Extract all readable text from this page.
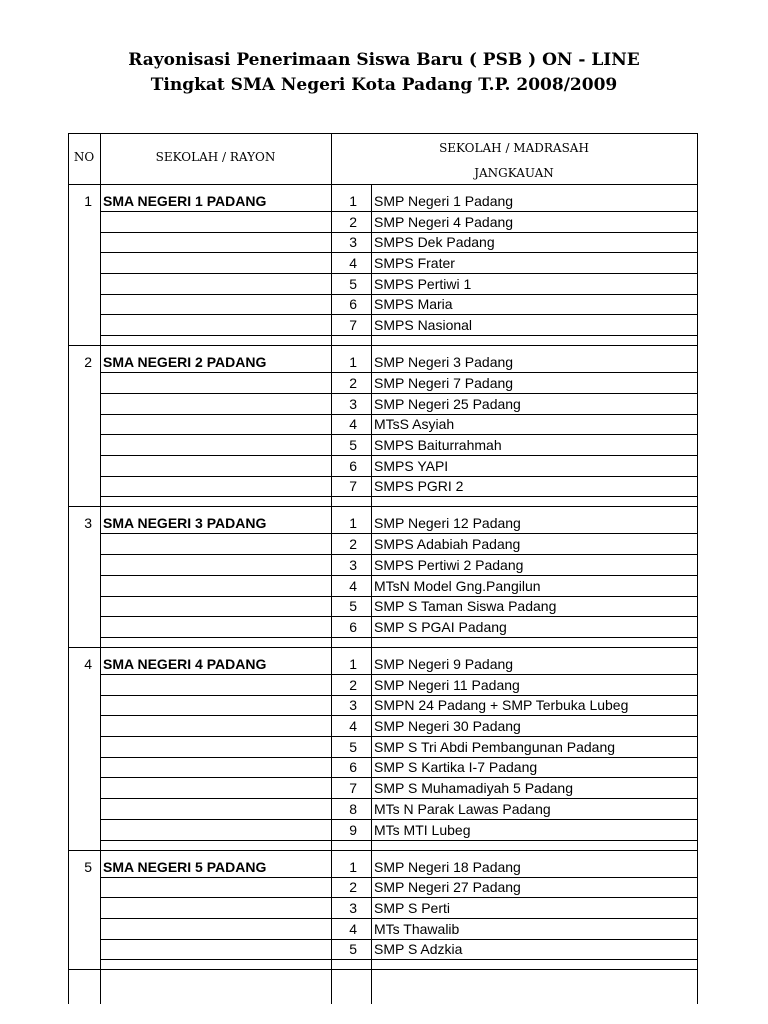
Rayonisasi Penerimaan Siswa Baru ( PSB ) ON - LINE
Tingkat SMA Negeri Kota Padang T.P. 2008/2009
NO	SEKOLAH / RAYON
SEKOLAH / MADRASAH
JANGKAUAN
1 SMA NEGERI 1 PADANG	1 SMP Negeri 1 Padang
2 SMP Negeri 4 Padang
3 SMPS Dek Padang
4 SMPS Frater
5 SMPS Pertiwi 1
6 SMPS Maria
7 SMPS Nasional
2 SMA NEGERI 2 PADANG	1 SMP Negeri 3 Padang
2 SMP Negeri 7 Padang
3 SMP Negeri 25 Padang
4 MTsS Asyiah
5 SMPS Baiturrahmah
6 SMPS YAPI
7 SMPS PGRI 2
3 SMA NEGERI 3 PADANG	1 SMP Negeri 12 Padang
2 SMPS Adabiah Padang
3 SMPS Pertiwi 2 Padang
4 MTsN Model Gng.Pangilun
5 SMP S Taman Siswa Padang
6 SMP S PGAI Padang
4 SMA NEGERI 4 PADANG	1 SMP Negeri 9 Padang
2 SMP Negeri 11 Padang
3 SMPN 24 Padang + SMP Terbuka Lubeg
4 SMP Negeri 30 Padang
5 SMP S Tri Abdi Pembangunan Padang
6 SMP S Kartika I-7 Padang
7 SMP S Muhamadiyah 5 Padang
8 MTs N Parak Lawas Padang
9 MTs MTI Lubeg
5 SMA NEGERI 5 PADANG	1 SMP Negeri 18 Padang
2 SMP Negeri 27 Padang
3 SMP S Perti
4 MTs Thawalib
5 SMP S Adzkia
